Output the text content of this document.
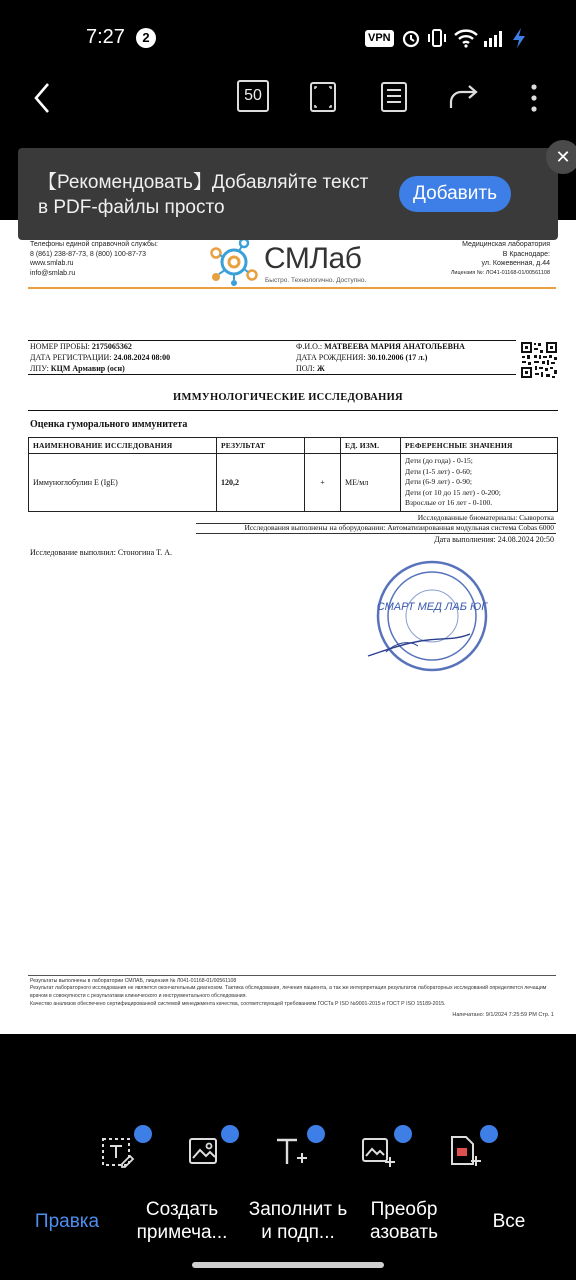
7:27	2	VPN
50
Телефоны единой справочной службы:
8 (861) 238-87-73, 8 (800) 100-87-73
www.smlab.ru
info@smlab.ru	СМЛаб
Быстро. Технологично. Доступно.
Медицинская лаборатория
В Краснодаре:
ул. Кожевенная, д.44
Лицензия №: ЛО41-01168-01/00561108
НОМЕР ПРОБЫ: 2175065362
ДАТА РЕГИСТРАЦИИ: 24.08.2024 08:00
ЛПУ: КЦМ Армавир (осн)
Ф.И.О.: МАТВЕЕВА МАРИЯ АНАТОЛЬЕВНА
ДАТА РОЖДЕНИЯ: 30.10.2006 (17 л.)
ПОЛ: Ж
ИММУНОЛОГИЧЕСКИЕ ИССЛЕДОВАНИЯ
Оценка гуморального иммунитета
НАИМЕНОВАНИЕ ИССЛЕДОВАНИЯ	РЕЗУЛЬТАТ		ЕД. ИЗМ.	РЕФЕРЕНСНЫЕ ЗНАЧЕНИЯ
Иммуноглобулин E (IgE)	120,2	+	МЕ/мл	Дети (до года) - 0-15;
Дети (1-5 лет) - 0-60;
Дети (6-9 лет) - 0-90;
Дети (от 10 до 15 лет) - 0-200;
Взрослые от 16 лет - 0-100.
Исследованные биоматериалы: Сыворотка
Исследования выполнены на оборудовании: Автоматизированная модульная система Cobas 6000
Дата выполнения: 24.08.2024 20:50
Исследование выполнил: Стоногина Т. А.
СМАРТ МЕД ЛАБ ЮГ
Результаты выполнены в лаборатории СМЛАБ, лицензия № Л041-01168-01/00561108
Результат лабораторного исследования не является окончательным диагнозом. Тактика обследования, лечения пациента, а так же интерпретация результатов лабораторных исследований определяется лечащим врачом в совокупности с результатами клинического и инструментального обследования.
Качество анализов обеспечено сертифицированной системой менеджмента качества, соответствующей требованиям ГОСТа Р ISO №9001-2015 и ГОСТ Р ISO 15189-2015.
Напечатано: 9/1/2024 7:25:59 PM Стр. 1
【Рекомендовать】Добавляйте текст в PDF-файлы просто
Добавить
✕
Правка
Создать примеча...
Заполнит ь и подп...
Преобр азовать
Все
